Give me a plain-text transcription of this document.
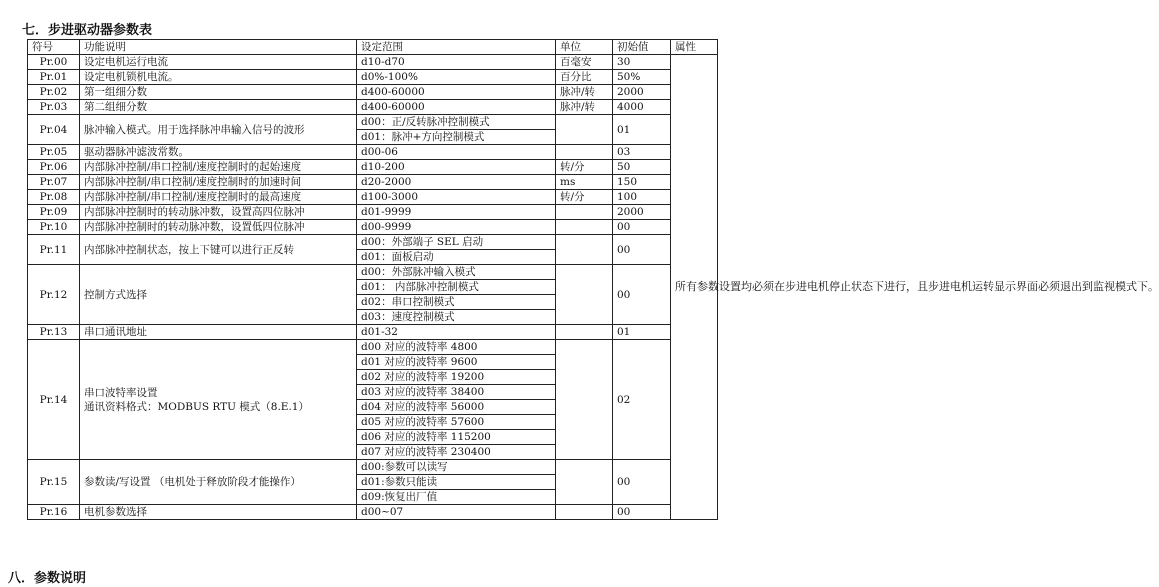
七．步进驱动器参数表
符号	功能说明	设定范围	单位	初始值	属性
Pr.00	设定电机运行电流	d10-d70	百毫安	30	所有参数设置均必须在步进电机停止状态下进行，且步进电机运转显示界面必须退出到监视模式下。
Pr.01	设定电机锁机电流。	d0%-100%	百分比	50%	
Pr.02	第一组细分数	d400-60000	脉冲/转	2000	
Pr.03	第二组细分数	d400-60000	脉冲/转	4000	
Pr.04	脉冲输入模式。用于选择脉冲串输入信号的波形	d00：正/反转脉冲控制模式		01	
		d01：脉冲+方向控制模式			
Pr.05	驱动器脉冲滤波常数。	d00-06		03	
Pr.06	内部脉冲控制/串口控制/速度控制时的起始速度	d10-200	转/分	50	
Pr.07	内部脉冲控制/串口控制/速度控制时的加速时间	d20-2000	ms	150	
Pr.08	内部脉冲控制/串口控制/速度控制时的最高速度	d100-3000	转/分	100	
Pr.09	内部脉冲控制时的转动脉冲数，设置高四位脉冲	d01-9999		2000	
Pr.10	内部脉冲控制时的转动脉冲数，设置低四位脉冲	d00-9999		00	
Pr.11	内部脉冲控制状态，按上下键可以进行正反转	d00：外部端子 SEL 启动		00	
		d01：面板启动			
Pr.12	控制方式选择	d00：外部脉冲输入模式		00	
		d01： 内部脉冲控制模式			
		d02：串口控制模式			
		d03：速度控制模式			
Pr.13	串口通讯地址	d01-32		01	
Pr.14	串口波特率设置
通讯资料格式：MODBUS RTU 模式（8.E.1）	d00 对应的波特率 4800		02	
		d01 对应的波特率 9600			
		d02 对应的波特率 19200			
		d03 对应的波特率 38400			
		d04 对应的波特率 56000			
		d05 对应的波特率 57600			
		d06 对应的波特率 115200			
		d07 对应的波特率 230400			
Pr.15	参数读/写设置 （电机处于释放阶段才能操作）	d00:参数可以读写		00	
		d01:参数只能读			
		d09:恢复出厂值			
Pr.16	电机参数选择	d00~07		00	
八．参数说明
